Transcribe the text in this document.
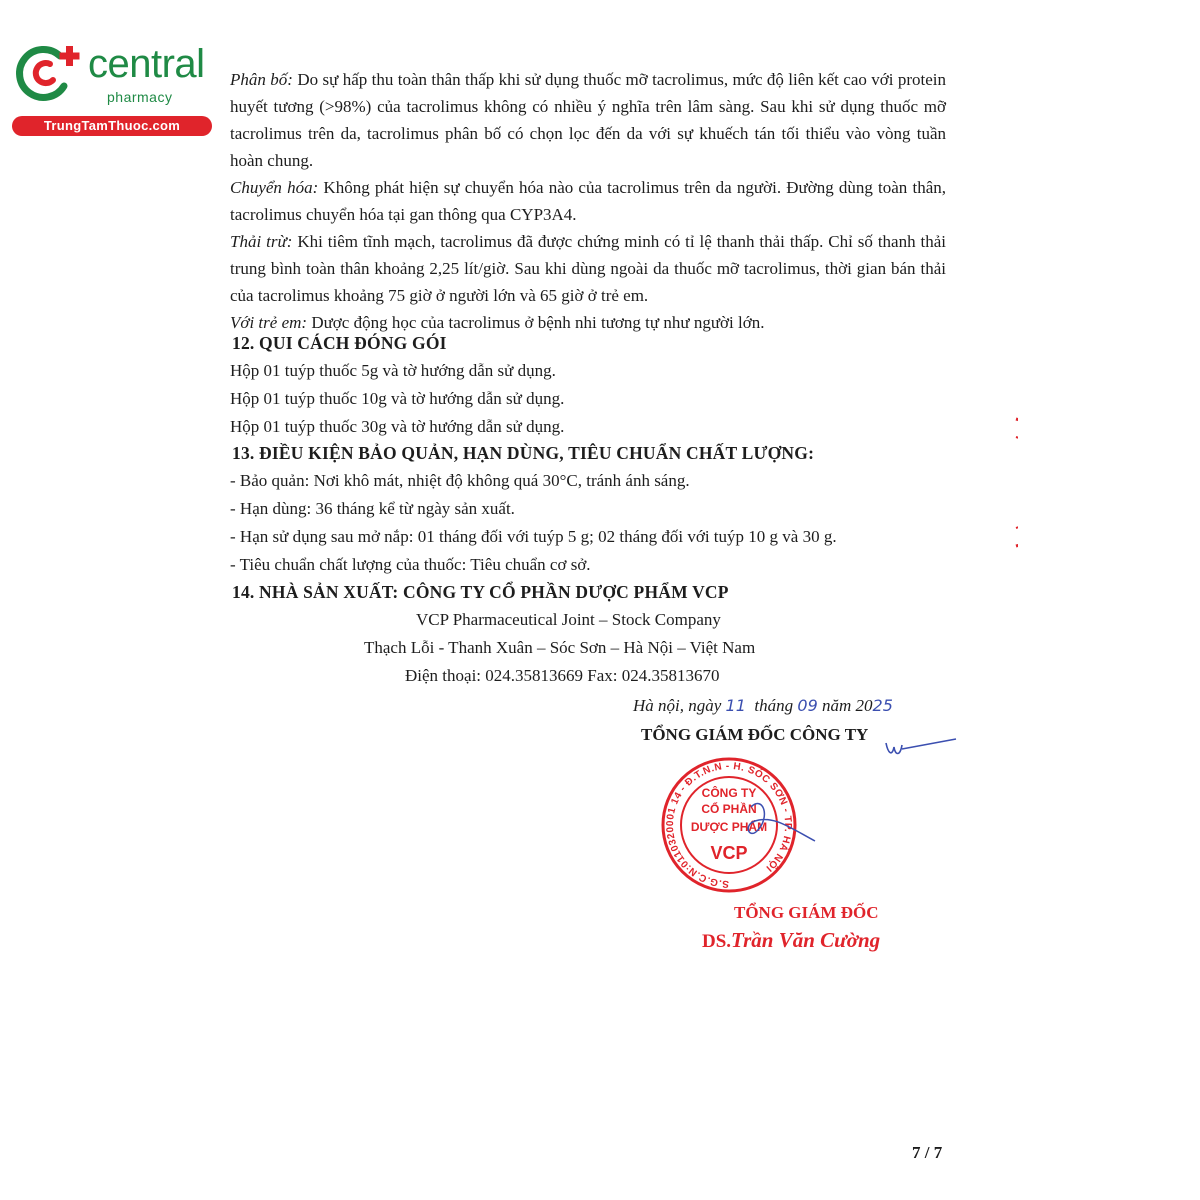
central
pharmacy
TrungTamThuoc.com

Phân bố: Do sự hấp thu toàn thân thấp khi sử dụng thuốc mỡ tacrolimus, mức độ liên kết cao với protein huyết tương (>98%) của tacrolimus không có nhiều ý nghĩa trên lâm sàng. Sau khi sử dụng thuốc mỡ tacrolimus trên da, tacrolimus phân bố có chọn lọc đến da với sự khuếch tán tối thiểu vào vòng tuần hoàn chung.

Chuyển hóa: Không phát hiện sự chuyển hóa nào của tacrolimus trên da người. Đường dùng toàn thân, tacrolimus chuyển hóa tại gan thông qua CYP3A4.

Thải trừ: Khi tiêm tĩnh mạch, tacrolimus đã được chứng minh có tỉ lệ thanh thải thấp. Chỉ số thanh thải trung bình toàn thân khoảng 2,25 lít/giờ. Sau khi dùng ngoài da thuốc mỡ tacrolimus, thời gian bán thải của tacrolimus khoảng 75 giờ ở người lớn và 65 giờ ở trẻ em.

Với trẻ em: Dược động học của tacrolimus ở bệnh nhi tương tự như người lớn.

12. QUI CÁCH ĐÓNG GÓI
Hộp 01 tuýp thuốc 5g và tờ hướng dẫn sử dụng.
Hộp 01 tuýp thuốc 10g và tờ hướng dẫn sử dụng.
Hộp 01 tuýp thuốc 30g và tờ hướng dẫn sử dụng.
13. ĐIỀU KIỆN BẢO QUẢN, HẠN DÙNG, TIÊU CHUẨN CHẤT LƯỢNG:
- Bảo quản: Nơi khô mát, nhiệt độ không quá 30°C, tránh ánh sáng.
- Hạn dùng: 36 tháng kể từ ngày sản xuất.
- Hạn sử dụng sau mở nắp: 01 tháng đối với tuýp 5 g; 02 tháng đối với tuýp 10 g và 30 g.
- Tiêu chuẩn chất lượng của thuốc: Tiêu chuẩn cơ sở.
14. NHÀ SẢN XUẤT: CÔNG TY CỔ PHẦN DƯỢC PHẨM VCP
VCP Pharmaceutical Joint – Stock Company
Thạch Lỗi - Thanh Xuân – Sóc Sơn – Hà Nội – Việt Nam
Điện thoại: 024.35813669 Fax: 024.35813670
Hà nội, ngày 11 tháng 09 năm 2025
TỔNG GIÁM ĐỐC CÔNG TY
S.G.C.N:0110320001 14 - Đ.T.N.N - H. SÓC SƠN - TP. HÀ NỘI
CÔNG TY
CỔ PHẦN
DƯỢC PHẨM
VCP
TỔNG GIÁM ĐỐC
DS.Trần Văn Cường
7 / 7
